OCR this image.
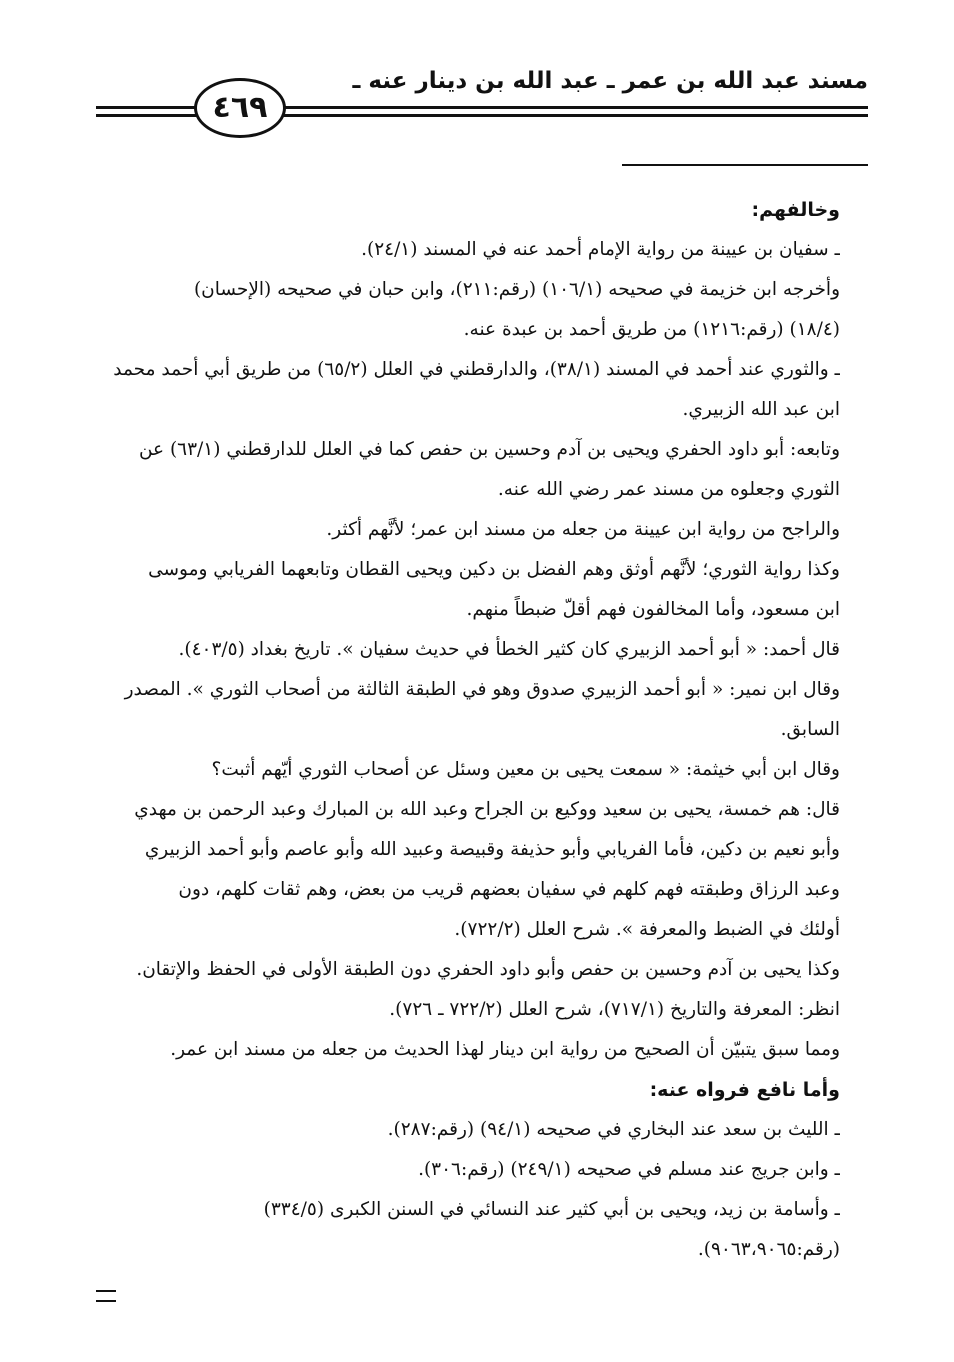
مسند عبد الله بن عمر ـ عبد الله بن دينار عنه ـ
٤٦٩
وخالفهم:
ـ سفيان بن عيينة من رواية الإمام أحمد عنه في المسند (٢٤/١).
وأخرجه ابن خزيمة في صحيحه (١٠٦/١) (رقم:٢١١)، وابن حبان في صحيحه (الإحسان)
(١٨/٤) (رقم:١٢١٦) من طريق أحمد بن عبدة عنه.
ـ والثوري عند أحمد في المسند (٣٨/١)، والدارقطني في العلل (٦٥/٢) من طريق أبي أحمد محمد
ابن عبد الله الزبيري.
وتابعه: أبو داود الحفري ويحيى بن آدم وحسين بن حفص كما في العلل للدارقطني (٦٣/١) عن
الثوري وجعلوه من مسند عمر رضي الله عنه.
والراجح من رواية ابن عيينة من جعله من مسند ابن عمر؛ لأنَّهم أكثر.
وكذا رواية الثوري؛ لأنَّهم أوثق وهم الفضل بن دكين ويحيى القطان وتابعهما الفريابي وموسى
ابن مسعود، وأما المخالفون فهم أقلّ ضبطاً منهم.
قال أحمد: « أبو أحمد الزبيري كان كثير الخطأ في حديث سفيان ». تاريخ بغداد (٤٠٣/٥).
وقال ابن نمير: « أبو أحمد الزبيري صدوق وهو في الطبقة الثالثة من أصحاب الثوري ». المصدر
السابق.
وقال ابن أبي خيثمة: « سمعت يحيى بن معين وسئل عن أصحاب الثوري أيّهم أثبت؟
قال: هم خمسة، يحيى بن سعيد ووكيع بن الجراح وعبد الله بن المبارك وعبد الرحمن بن مهدي
وأبو نعيم بن دكين، فأما الفريابي وأبو حذيفة وقبيصة وعبيد الله وأبو عاصم وأبو أحمد الزبيري
وعبد الرزاق وطبقته فهم كلهم في سفيان بعضهم قريب من بعض، وهم ثقات كلهم، دون
أولئك في الضبط والمعرفة ». شرح العلل (٧٢٢/٢).
وكذا يحيى بن آدم وحسين بن حفص وأبو داود الحفري دون الطبقة الأولى في الحفظ والإتقان.
انظر: المعرفة والتاريخ (٧١٧/١)، شرح العلل (٧٢٢/٢ ـ ٧٢٦).
ومما سبق يتبيّن أن الصحيح من رواية ابن دينار لهذا الحديث من جعله من مسند ابن عمر.
وأما نافع فرواه عنه:
ـ الليث بن سعد عند البخاري في صحيحه (٩٤/١) (رقم:٢٨٧).
ـ وابن جريج عند مسلم في صحيحه (٢٤٩/١) (رقم:٣٠٦).
ـ وأسامة بن زيد، ويحيى بن أبي كثير عند النسائي في السنن الكبرى (٣٣٤/٥)
(رقم:٩٠٦٣،٩٠٦٥).
